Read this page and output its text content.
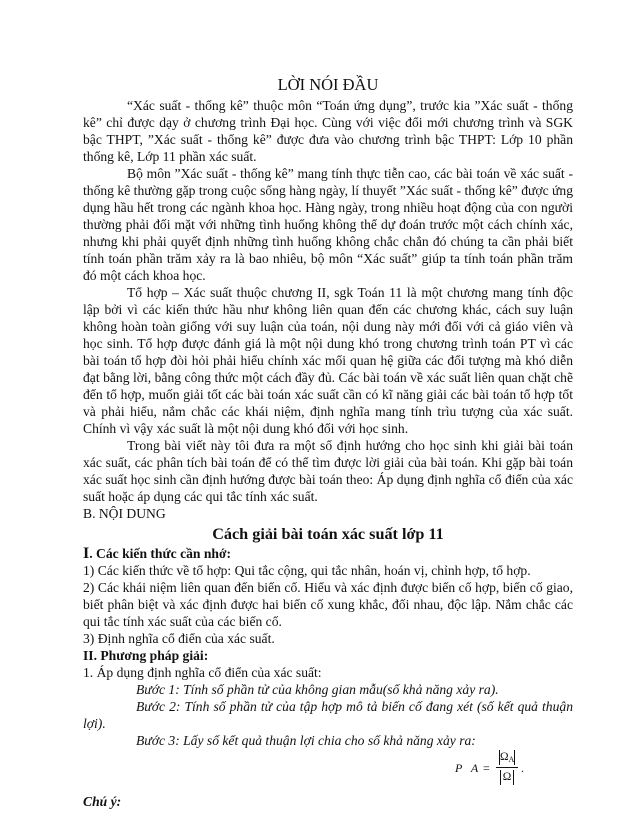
LỜI NÓI ĐẦU

“Xác suất - thống kê” thuộc môn “Toán ứng dụng”, trước kia ”Xác suất - thống kê” chỉ được dạy ở chương trình Đại học. Cùng với việc đổi mới chương trình và SGK bậc THPT, ”Xác suất - thống kê” được đưa vào chương trình bậc THPT: Lớp 10 phần thống kê, Lớp 11 phần xác suất.

Bộ môn ”Xác suất - thống kê” mang tính thực tiễn cao, các bài toán về xác suất - thống kê thường gặp trong cuộc sống hàng ngày, lí thuyết ”Xác suất - thống kê” được ứng dụng hầu hết trong các ngành khoa học. Hàng ngày, trong nhiều hoạt động của con người thường phải đối mặt với những tình huống không thể dự đoán trước một cách chính xác, nhưng khi phải quyết định những tình huống không chắc chắn đó chúng ta cần phải biết tính toán phần trăm xảy ra là bao nhiêu, bộ môn “Xác suất” giúp ta tính toán phần trăm đó một cách khoa học.

Tổ hợp – Xác suất thuộc chương II, sgk Toán 11 là một chương mang tính độc lập bởi vì các kiến thức hầu như không liên quan đến các chương khác, cách suy luận không hoàn toàn giống với suy luận của toán, nội dung này mới đối với cả giáo viên và học sinh. Tổ hợp được đánh giá là một nội dung khó trong chương trình toán PT vì các bài toán tổ hợp đòi hỏi phải hiểu chính xác mối quan hệ giữa các đối tượng mà khó diễn đạt bằng lời, bằng công thức một cách đầy đủ. Các bài toán về xác suất liên quan chặt chẽ đến tổ hợp, muốn giải tốt các bài toán xác suất cần có kĩ năng giải các bài toán tổ hợp tốt và phải hiểu, nắm chắc các khái niệm, định nghĩa mang tính trìu tượng của xác suất. Chính vì vậy xác suất là một nội dung khó đối với học sinh.

Trong bài viết này tôi đưa ra một số định hướng cho học sinh khi giải bài toán xác suất, các phân tích bài toán để có thể tìm được lời giải của bài toán. Khi gặp bài toán xác suất học sinh cần định hướng được bài toán theo: Áp dụng định nghĩa cổ điển của xác suất hoặc áp dụng các qui tắc tính xác suất.

B. NỘI DUNG

Cách giải bài toán xác suất lớp 11

I. Các kiến thức cần nhớ:

1) Các kiến thức về tổ hợp: Qui tắc cộng, qui tắc nhân, hoán vị, chỉnh hợp, tổ hợp.

2) Các khái niệm liên quan đến biến cố. Hiểu và xác định được biến cố hợp, biến cố giao, biết phân biệt và xác định được hai biến cố xung khắc, đối nhau, độc lập. Nắm chắc các qui tắc tính xác suất của các biến cố.

3) Định nghĩa cổ điển của xác suất.

II. Phương pháp giải:

1. Áp dụng định nghĩa cổ điển của xác suất:

Bước 1: Tính số phần tử của không gian mẫu(số khả năng xảy ra).

Bước 2: Tính số phần tử của tập hợp mô tả biến cố đang xét (số kết quả thuận lợi).

Bước 3: Lấy số kết quả thuận lợi chia cho số khả năng xảy ra:

P A =
$\Omega_A$
Ω
.

Chú ý:
